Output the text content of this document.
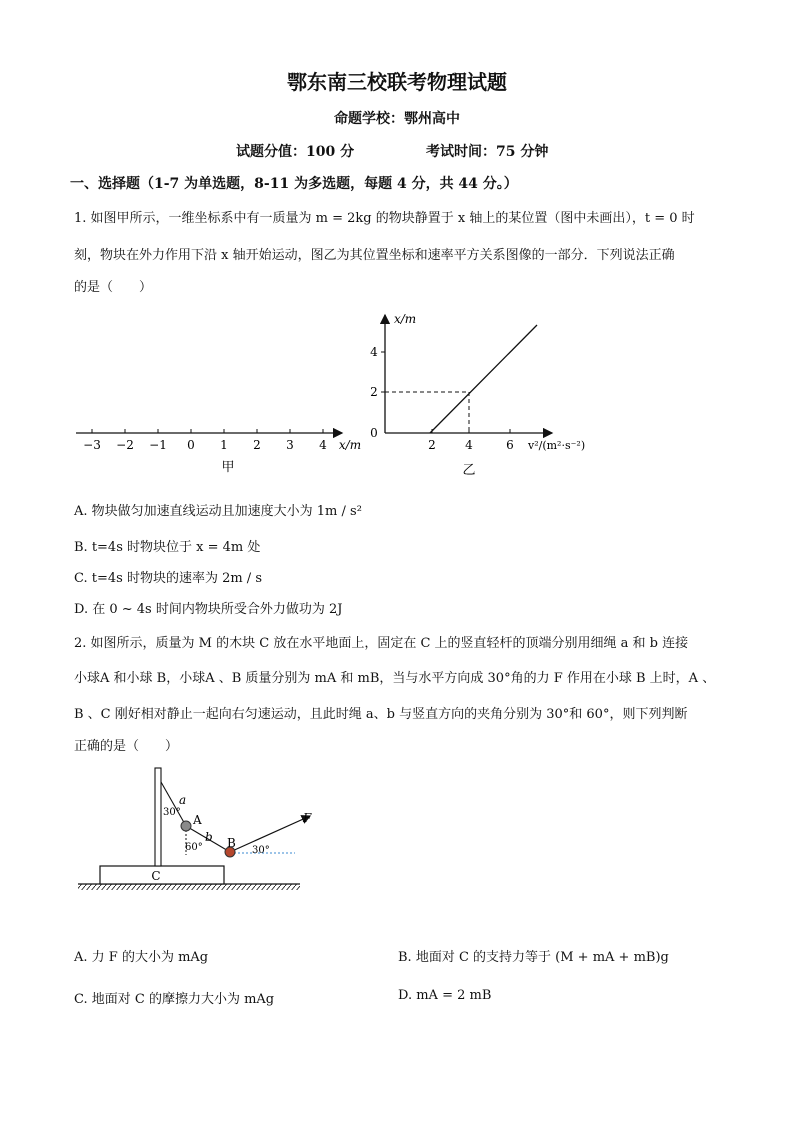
鄂东南三校联考物理试题
命题学校：鄂州高中
试题分值：100 分	考试时间：75 分钟
一、选择题（1-7 为单选题，8-11 为多选题，每题 4 分，共 44 分。）
1. 如图甲所示，一维坐标系中有一质量为 m = 2kg 的物块静置于 x 轴上的某位置（图中未画出），t = 0 时
刻，物块在外力作用下沿 x 轴开始运动，图乙为其位置坐标和速率平方关系图像的一部分．下列说法正确
的是（　　）
−3 −2 −1 0 1 2 3 4 x/m
甲
x/m
4
2
0
2 4	6 v²/(m²·s⁻²)
乙
A. 物块做匀加速直线运动且加速度大小为 1m / s²
B. t=4s 时物块位于 x = 4m 处
C. t=4s 时物块的速率为 2m / s
D. 在 0 ~ 4s 时间内物块所受合外力做功为 2J
2. 如图所示，质量为 M 的木块 C 放在水平地面上，固定在 C 上的竖直轻杆的顶端分别用细绳 a 和 b 连接
小球A 和小球 B，小球A 、B 质量分别为 mA 和 mB，当与水平方向成 30°角的力 F 作用在小球 B 上时，A 、
B 、C 刚好相对静止一起向右匀速运动，且此时绳 a、b 与竖直方向的夹角分别为 30°和 60°，则下列判断
正确的是（　　）
C
a
30°
A
b
60° B
30°
F
A. 力 F 的大小为 mAg	B. 地面对 C 的支持力等于 (M + mA + mB)g
C. 地面对 C 的摩擦力大小为 mAg	D. mA = 2 mB
